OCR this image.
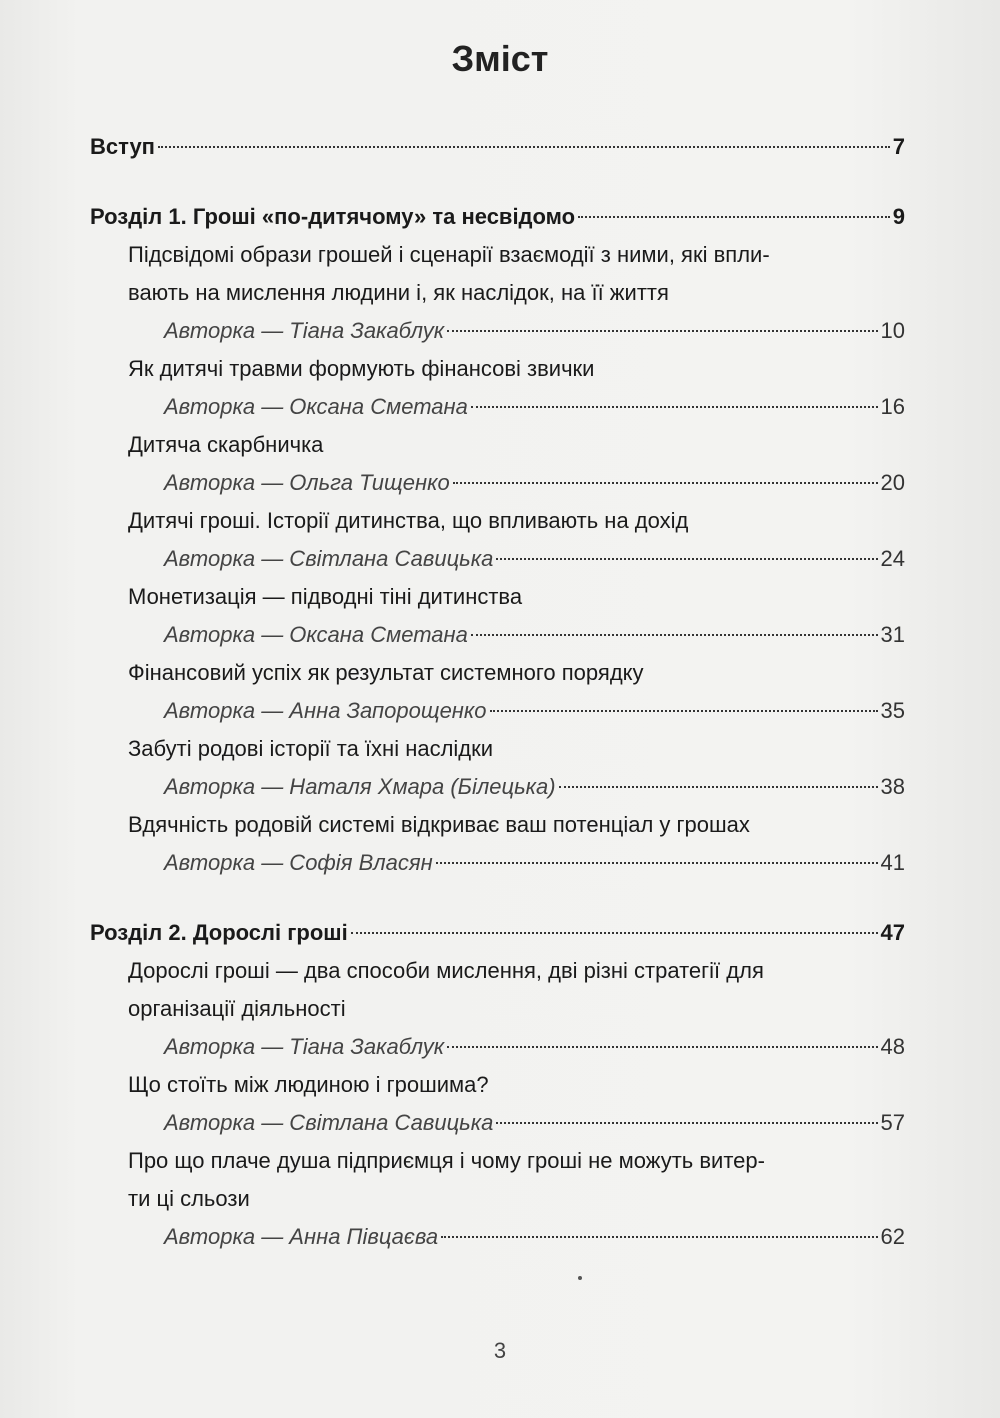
Зміст
Вступ	7
Розділ 1. Гроші «по-дитячому» та несвідомо	9
Підсвідомі образи грошей і сценарії взаємодії з ними, які впли-
вають на мислення людини і, як наслідок, на її життя
Авторка — Тіана Закаблук	10
Як дитячі травми формують фінансові звички
Авторка — Оксана Сметана	16
Дитяча скарбничка
Авторка — Ольга Тищенко	20
Дитячі гроші. Історії дитинства, що впливають на дохід
Авторка — Світлана Савицька	24
Монетизація — підводні тіні дитинства
Авторка — Оксана Сметана	31
Фінансовий успіх як результат системного порядку
Авторка — Анна Запорощенко	35
Забуті родові історії та їхні наслідки
Авторка — Наталя Хмара (Білецька)	38
Вдячність родовій системі відкриває ваш потенціал у грошах
Авторка — Софія Власян	41
Розділ 2. Дорослі гроші	47
Дорослі гроші — два способи мислення, дві різні стратегії для
організації діяльності
Авторка — Тіана Закаблук	48
Що стоїть між людиною і грошима?
Авторка — Світлана Савицька	57
Про що плаче душа підприємця і чому гроші не можуть витер-
ти ці сльози
Авторка — Анна Півцаєва	62
3
